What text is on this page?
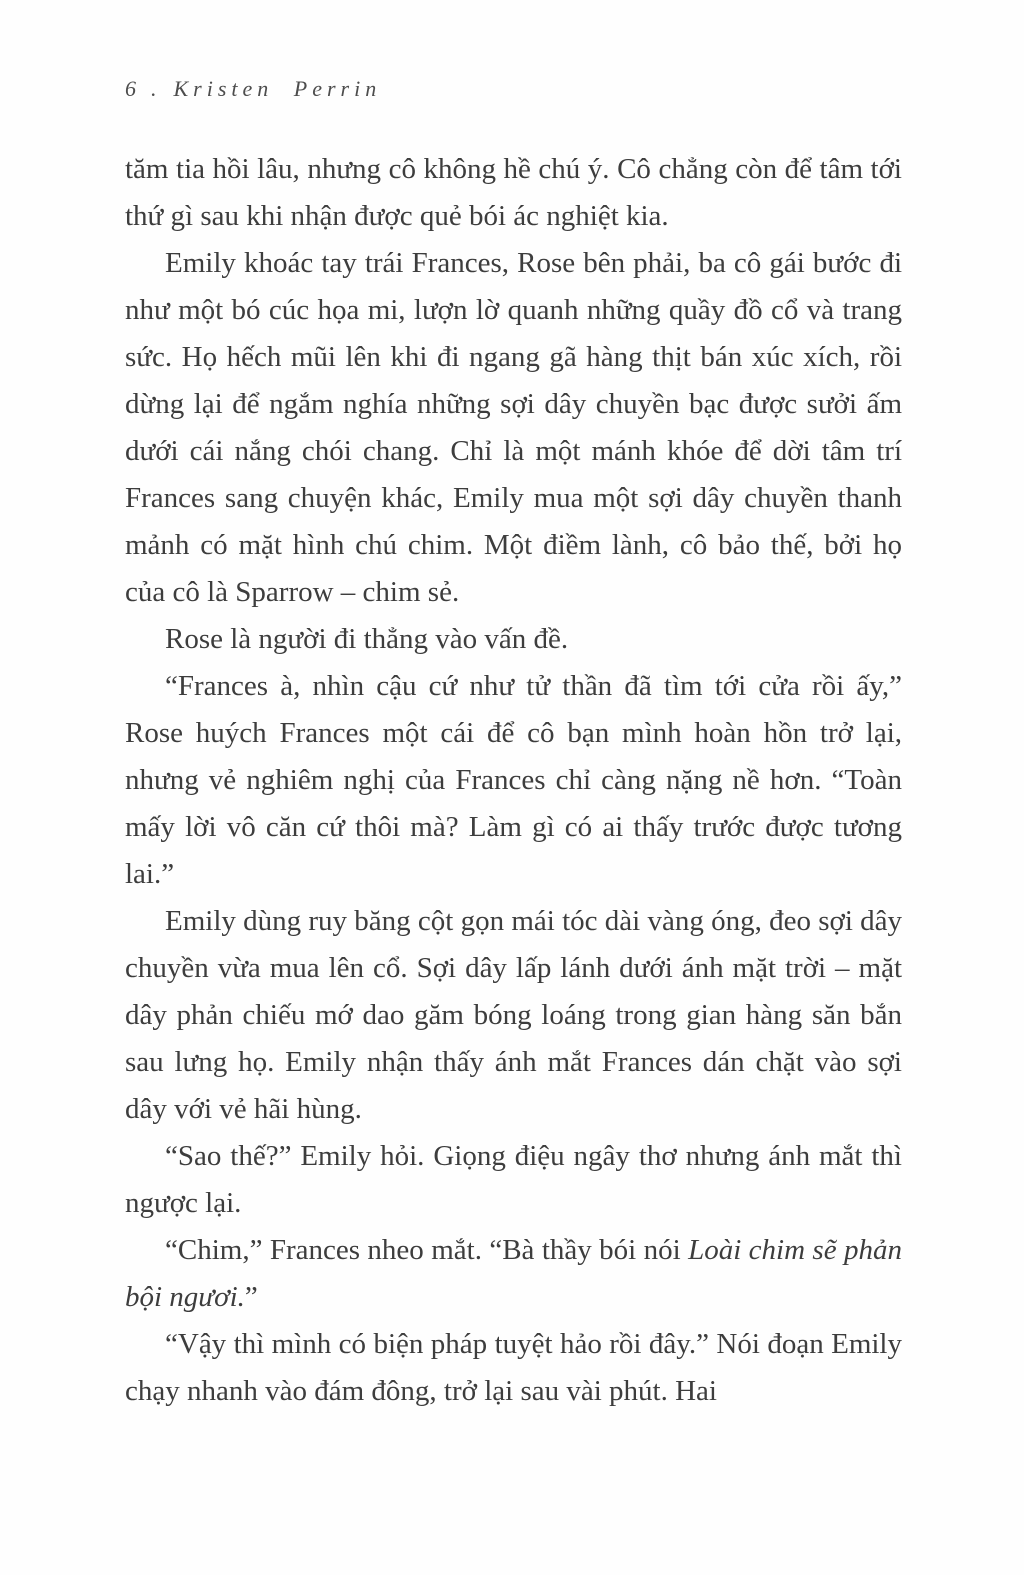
6 . Kristen Perrin

tăm tia hồi lâu, nhưng cô không hề chú ý. Cô chẳng còn để tâm tới thứ gì sau khi nhận được quẻ bói ác nghiệt kia.

Emily khoác tay trái Frances, Rose bên phải, ba cô gái bước đi như một bó cúc họa mi, lượn lờ quanh những quầy đồ cổ và trang sức. Họ hếch mũi lên khi đi ngang gã hàng thịt bán xúc xích, rồi dừng lại để ngắm nghía những sợi dây chuyền bạc được sưởi ấm dưới cái nắng chói chang. Chỉ là một mánh khóe để dời tâm trí Frances sang chuyện khác, Emily mua một sợi dây chuyền thanh mảnh có mặt hình chú chim. Một điềm lành, cô bảo thế, bởi họ của cô là Sparrow – chim sẻ.

Rose là người đi thẳng vào vấn đề.

“Frances à, nhìn cậu cứ như tử thần đã tìm tới cửa rồi ấy,” Rose huých Frances một cái để cô bạn mình hoàn hồn trở lại, nhưng vẻ nghiêm nghị của Frances chỉ càng nặng nề hơn. “Toàn mấy lời vô căn cứ thôi mà? Làm gì có ai thấy trước được tương lai.”

Emily dùng ruy băng cột gọn mái tóc dài vàng óng, đeo sợi dây chuyền vừa mua lên cổ. Sợi dây lấp lánh dưới ánh mặt trời – mặt dây phản chiếu mớ dao găm bóng loáng trong gian hàng săn bắn sau lưng họ. Emily nhận thấy ánh mắt Frances dán chặt vào sợi dây với vẻ hãi hùng.

“Sao thế?” Emily hỏi. Giọng điệu ngây thơ nhưng ánh mắt thì ngược lại.

“Chim,” Frances nheo mắt. “Bà thầy bói nói Loài chim sẽ phản bội ngươi.”

“Vậy thì mình có biện pháp tuyệt hảo rồi đây.” Nói đoạn Emily chạy nhanh vào đám đông, trở lại sau vài phút. Hai
